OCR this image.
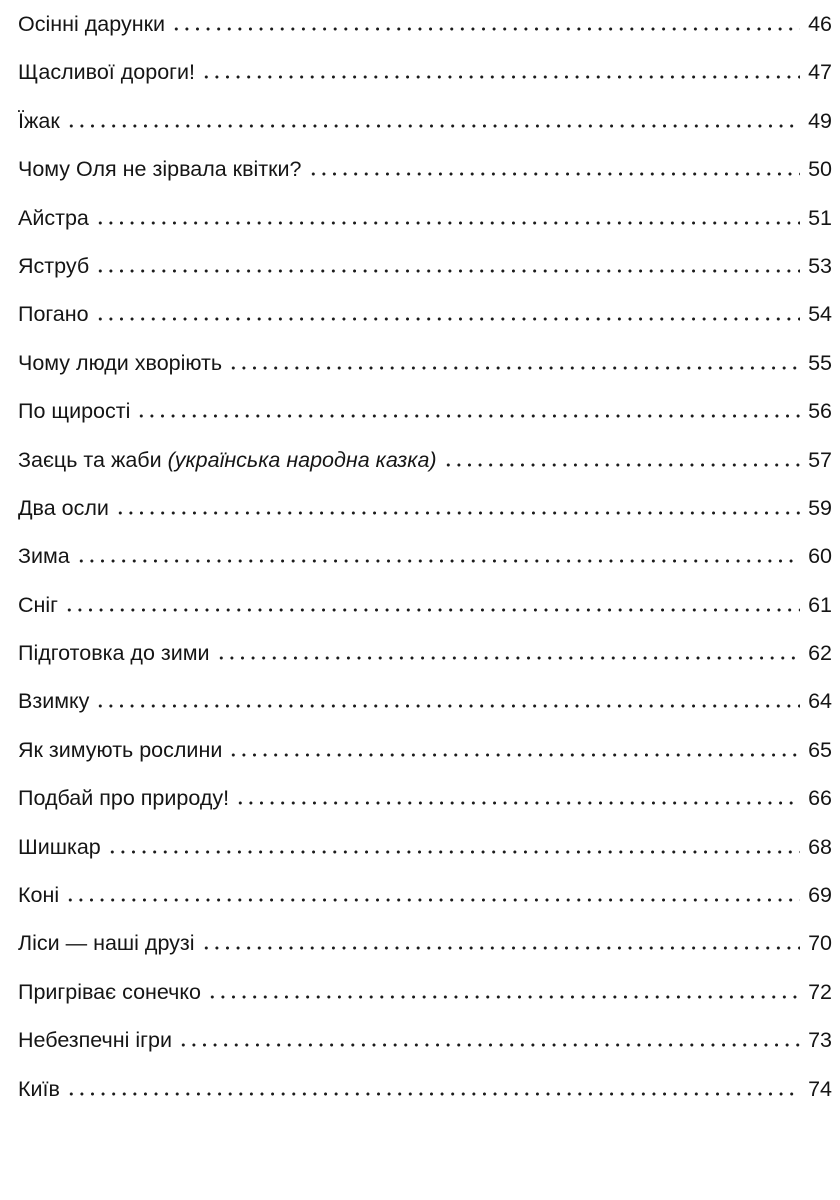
Осінні дарунки	46
Щасливої дороги!	47
Їжак	49
Чому Оля не зірвала квітки?	50
Айстра	51
Яструб	53
Погано	54
Чому люди хворіють	55
По щирості	56
Заєць та жаби (українська народна казка)	57
Два осли	59
Зима	60
Сніг	61
Підготовка до зими	62
Взимку	64
Як зимують рослини	65
Подбай про природу!	66
Шишкар	68
Коні	69
Ліси — наші друзі	70
Пригріває сонечко	72
Небезпечні ігри	73
Київ	74
